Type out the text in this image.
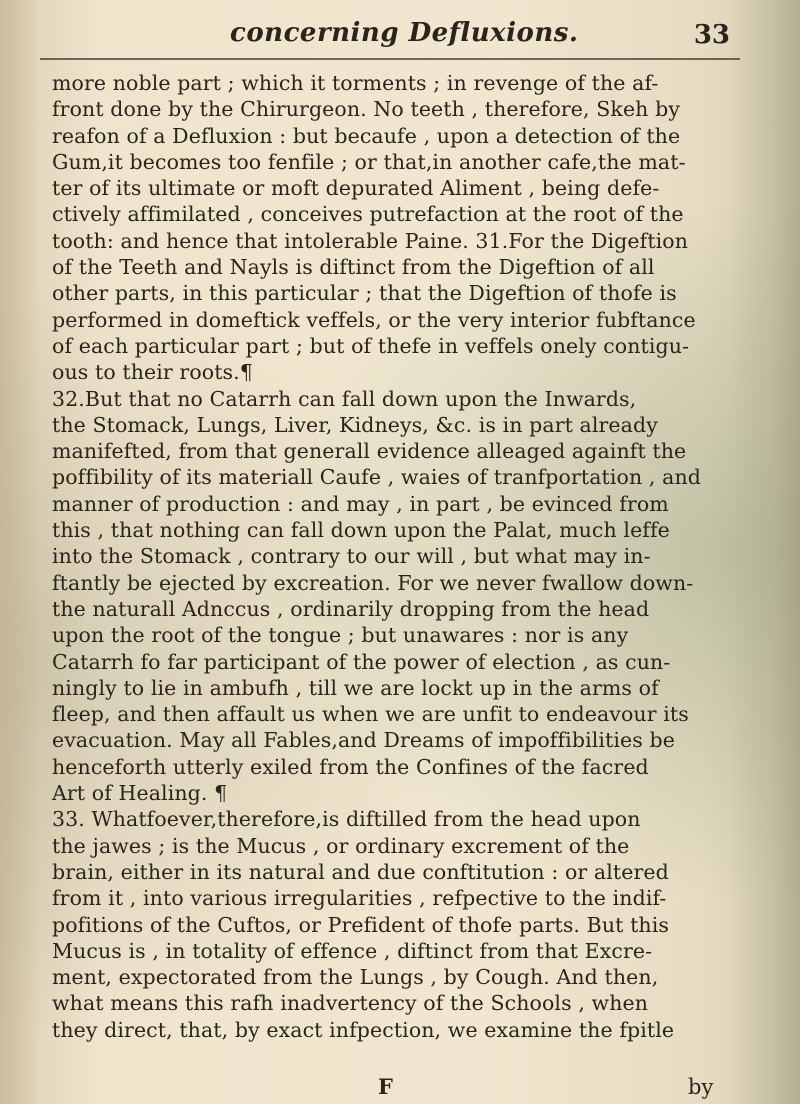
concerning Defluxions.	33
more noble part ; which it torments ; in revenge of the af-
front done by the Chirurgeon. No teeth , therefore, Skeh by
reafon of a Defluxion : but becaufe , upon a detection of the
Gum,it becomes too fenfile ; or that,in another cafe,the mat-
ter of its ultimate or moft depurated Aliment , being defe-
ctively affimilated , conceives putrefaction at the root of the
tooth: and hence that intolerable Paine. 31.For the Digeftion
of the Teeth and Nayls is diftinct from the Digeftion of all
other parts, in this particular ; that the Digeftion of thofe is
performed in domeftick veffels, or the very interior fubftance
of each particular part ; but of thefe in veffels onely contigu-
ous to their roots.¶
32.But that no Catarrh can fall down upon the Inwards,
the Stomack, Lungs, Liver, Kidneys, &c. is in part already
manifefted, from that generall evidence alleaged againft the
poffibility of its materiall Caufe , waies of tranfportation , and
manner of production : and may , in part , be evinced from
this , that nothing can fall down upon the Palat, much leffe
into the Stomack , contrary to our will , but what may in-
ftantly be ejected by excreation. For we never fwallow down-
the naturall Adnccus , ordinarily dropping from the head
upon the root of the tongue ; but unawares : nor is any
Catarrh fo far participant of the power of election , as cun-
ningly to lie in ambufh , till we are lockt up in the arms of
fleep, and then affault us when we are unfit to endeavour its
evacuation. May all Fables,and Dreams of impoffibilities be
henceforth utterly exiled from the Confines of the facred
Art of Healing. ¶
33. Whatfoever,therefore,is diftilled from the head upon
the jawes ; is the Mucus , or ordinary excrement of the
brain, either in its natural and due conftitution : or altered
from it , into various irregularities , refpective to the indif-
pofitions of the Cuftos, or Prefident of thofe parts. But this
Mucus is , in totality of effence , diftinct from that Excre-
ment, expectorated from the Lungs , by Cough. And then,
what means this rafh inadvertency of the Schools , when
they direct, that, by exact infpection, we examine the fpitle
F	by
